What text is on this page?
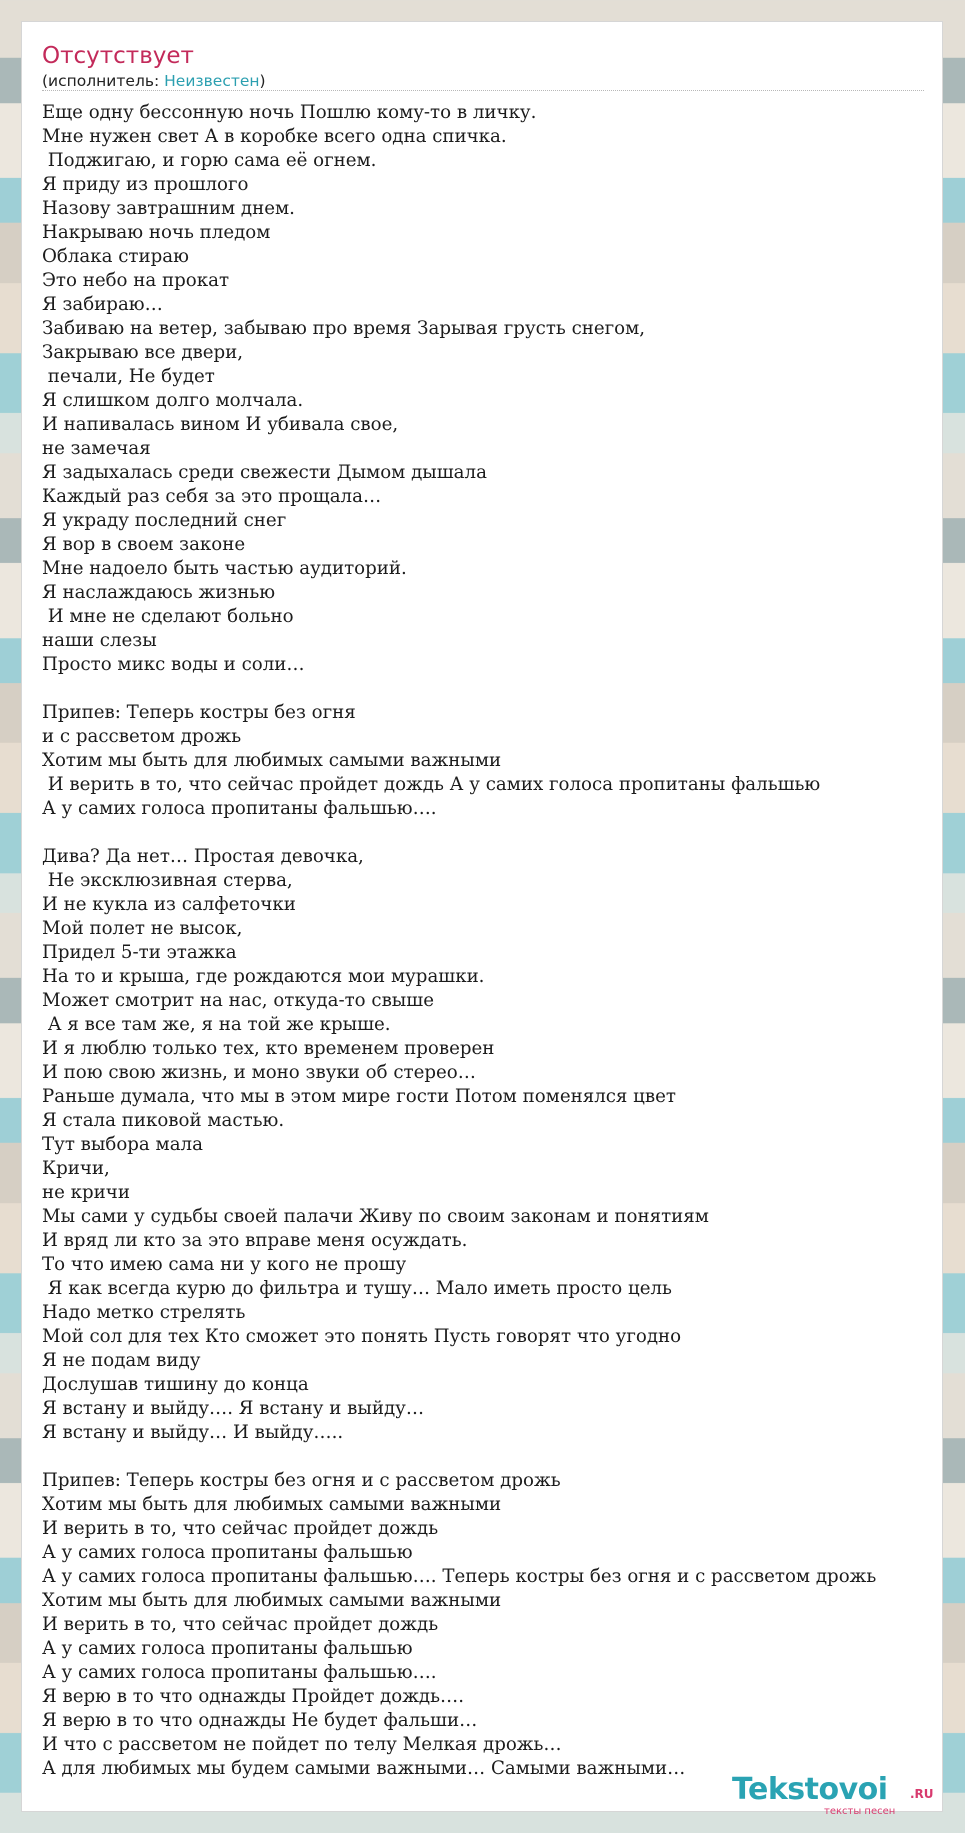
Отсутствует
(исполнитель: Неизвестен)
Еще одну бессонную ночь Пошлю кому-то в личку.
Мне нужен свет А в коробке всего одна спичка.
Поджигаю, и горю сама её огнем.
Я приду из прошлого
Назову завтрашним днем.
Накрываю ночь пледом
Облака стираю
Это небо на прокат
Я забираю…
Забиваю на ветер, забываю про время Зарывая грусть снегом,
Закрываю все двери,
печали, Не будет
Я слишком долго молчала.
И напивалась вином И убивала свое,
не замечая
Я задыхалась среди свежести Дымом дышала
Каждый раз себя за это прощала…
Я украду последний снег
Я вор в своем законе
Мне надоело быть частью аудиторий.
Я наслаждаюсь жизнью
И мне не сделают больно
наши слезы
Просто микс воды и соли…
Припев: Теперь костры без огня
и с рассветом дрожь
Хотим мы быть для любимых самыми важными
И верить в то, что сейчас пройдет дождь А у самих голоса пропитаны фальшью
А у самих голоса пропитаны фальшью….
Дива? Да нет… Простая девочка,
Не эксклюзивная стерва,
И не кукла из салфеточки
Мой полет не высок,
Придел 5-ти этажка
На то и крыша, где рождаются мои мурашки.
Может смотрит на нас, откуда-то свыше
А я все там же, я на той же крыше.
И я люблю только тех, кто временем проверен
И пою свою жизнь, и моно звуки об стерео…
Раньше думала, что мы в этом мире гости Потом поменялся цвет
Я стала пиковой мастью.
Тут выбора мала
Кричи,
не кричи
Мы сами у судьбы своей палачи Живу по своим законам и понятиям
И вряд ли кто за это вправе меня осуждать.
То что имею сама ни у кого не прошу
Я как всегда курю до фильтра и тушу… Мало иметь просто цель
Надо метко стрелять
Мой сол для тех Кто сможет это понять Пусть говорят что угодно
Я не подам виду
Дослушав тишину до конца
Я встану и выйду…. Я встану и выйду…
Я встану и выйду… И выйду…..
Припев: Теперь костры без огня и с рассветом дрожь
Хотим мы быть для любимых самыми важными
И верить в то, что сейчас пройдет дождь
А у самих голоса пропитаны фальшью
А у самих голоса пропитаны фальшью…. Теперь костры без огня и с рассветом дрожь
Хотим мы быть для любимых самыми важными
И верить в то, что сейчас пройдет дождь
А у самих голоса пропитаны фальшью
А у самих голоса пропитаны фальшью….
Я верю в то что однажды Пройдет дождь….
Я верю в то что однажды Не будет фальши…
И что с рассветом не пойдет по телу Мелкая дрожь…
А для любимых мы будем самыми важными… Самыми важными…
Tekstovoi .RU
тексты песен
